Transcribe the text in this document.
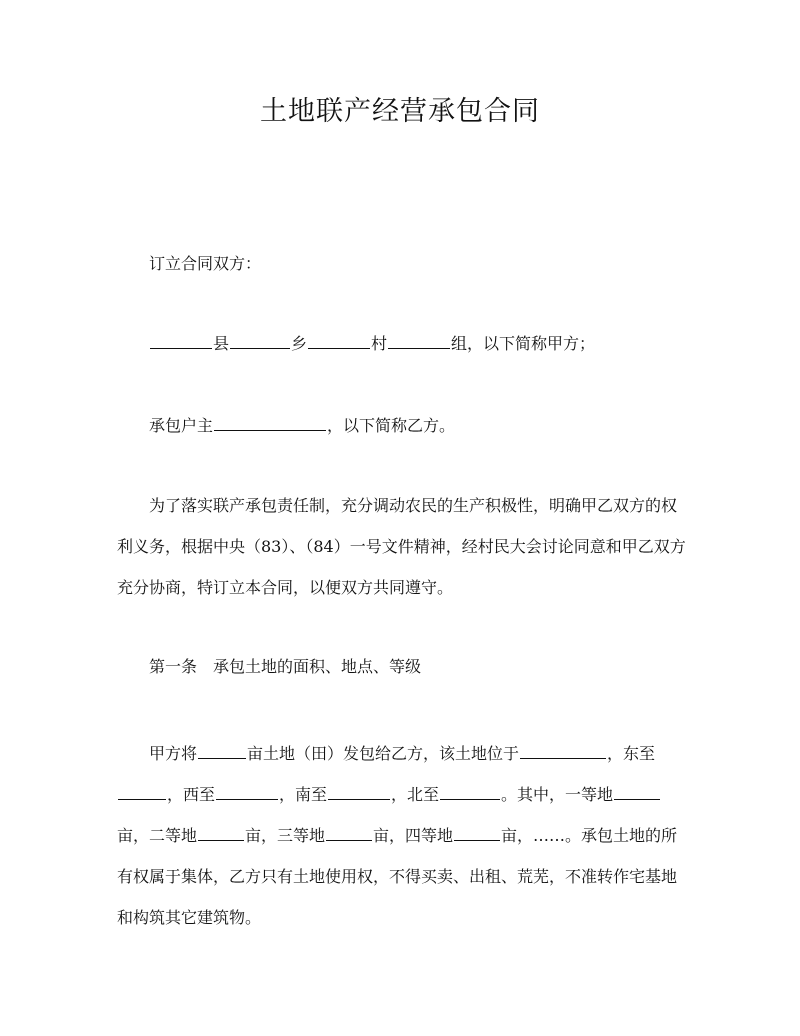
土地联产经营承包合同
订立合同双方：
县	乡	村	组，以下简称甲方；
承包户主	，以下简称乙方。
为了落实联产承包责任制，充分调动农民的生产积极性，明确甲乙双方的权利义务，根据中央（83）、（84）一号文件精神，经村民大会讨论同意和甲乙双方充分协商，特订立本合同，以便双方共同遵守。
第一条 承包土地的面积、地点、等级
甲方将	亩土地（田）发包给乙方，该土地位于	，东至，西至	，南至	，北至	。其中，一等地亩，二等地	亩，三等地	亩，四等地	亩，……。承包土地的所有权属于集体，乙方只有土地使用权，不得买卖、出租、荒芜，不准转作宅基地和构筑其它建筑物。
